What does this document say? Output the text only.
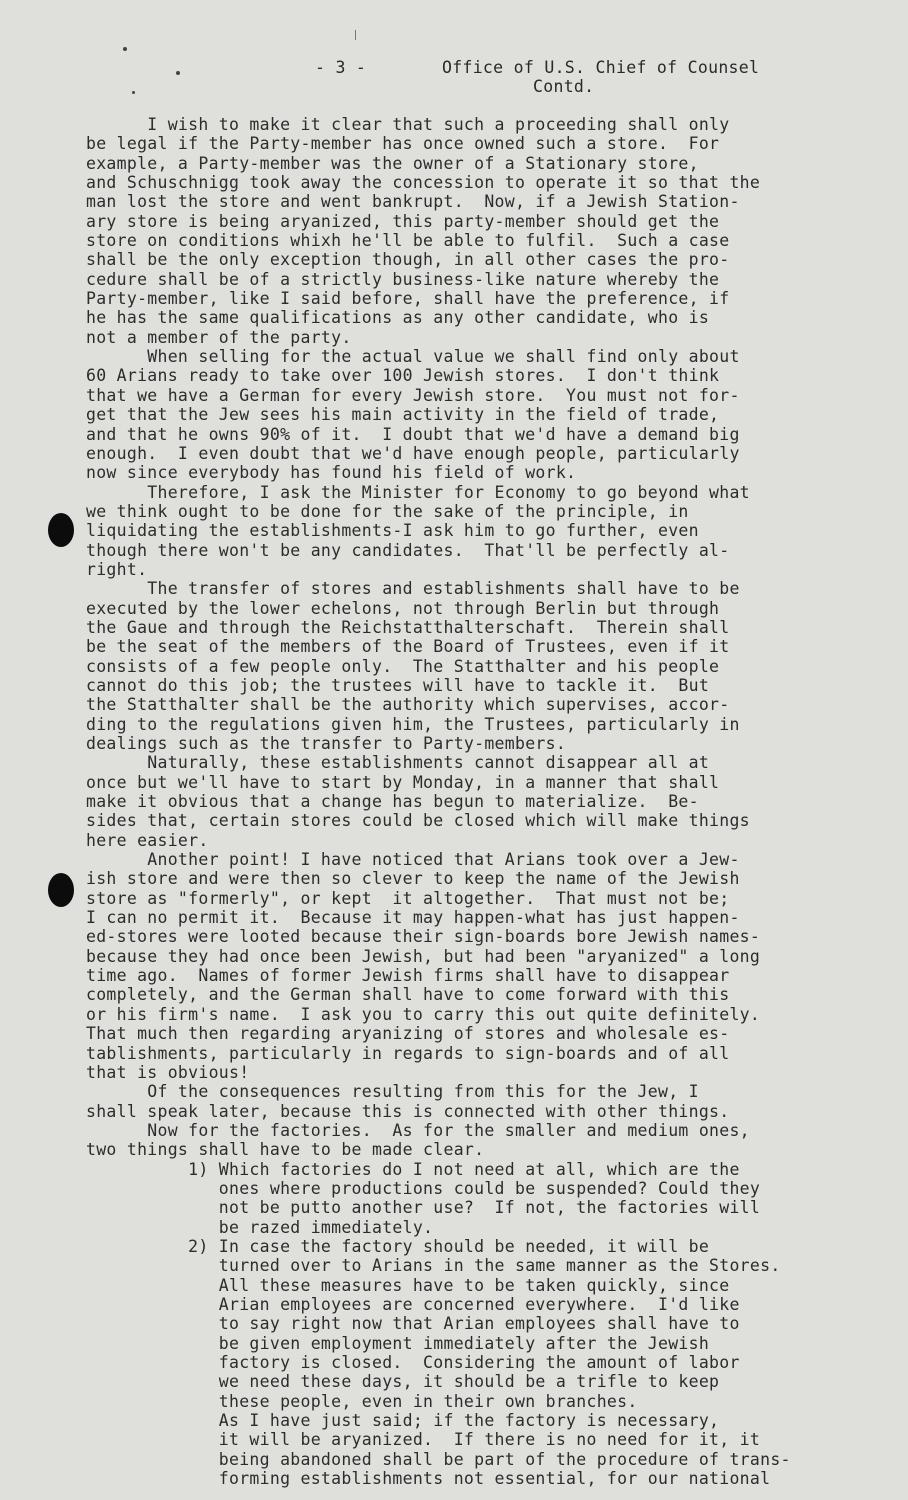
- 3 -	Office of U.S. Chief of Counsel
Contd.
I wish to make it clear that such a proceeding shall only
be legal if the Party-member has once owned such a store.  For
example, a Party-member was the owner of a Stationary store,
and Schuschnigg took away the concession to operate it so that the
man lost the store and went bankrupt.  Now, if a Jewish Station-
ary store is being aryanized, this party-member should get the
store on conditions whixh he'll be able to fulfil.  Such a case
shall be the only exception though, in all other cases the pro-
cedure shall be of a strictly business-like nature whereby the
Party-member, like I said before, shall have the preference, if
he has the same qualifications as any other candidate, who is
not a member of the party.
When selling for the actual value we shall find only about
60 Arians ready to take over 100 Jewish stores.  I don't think
that we have a German for every Jewish store.  You must not for-
get that the Jew sees his main activity in the field of trade,
and that he owns 90% of it.  I doubt that we'd have a demand big
enough.  I even doubt that we'd have enough people, particularly
now since everybody has found his field of work.
Therefore, I ask the Minister for Economy to go beyond what
we think ought to be done for the sake of the principle, in
liquidating the establishments-I ask him to go further, even
though there won't be any candidates.  That'll be perfectly al-
right.
The transfer of stores and establishments shall have to be
executed by the lower echelons, not through Berlin but through
the Gaue and through the Reichstatthalterschaft.  Therein shall
be the seat of the members of the Board of Trustees, even if it
consists of a few people only.  The Statthalter and his people
cannot do this job; the trustees will have to tackle it.  But
the Statthalter shall be the authority which supervises, accor-
ding to the regulations given him, the Trustees, particularly in
dealings such as the transfer to Party-members.
Naturally, these establishments cannot disappear all at
once but we'll have to start by Monday, in a manner that shall
make it obvious that a change has begun to materialize.  Be-
sides that, certain stores could be closed which will make things
here easier.
Another point! I have noticed that Arians took over a Jew-
ish store and were then so clever to keep the name of the Jewish
store as "formerly", or kept  it altogether.  That must not be;
I can no permit it.  Because it may happen-what has just happen-
ed-stores were looted because their sign-boards bore Jewish names-
because they had once been Jewish, but had been "aryanized" a long
time ago.  Names of former Jewish firms shall have to disappear
completely, and the German shall have to come forward with this
or his firm's name.  I ask you to carry this out quite definitely.
That much then regarding aryanizing of stores and wholesale es-
tablishments, particularly in regards to sign-boards and of all
that is obvious!
Of the consequences resulting from this for the Jew, I
shall speak later, because this is connected with other things.
Now for the factories.  As for the smaller and medium ones,
two things shall have to be made clear.
1) Which factories do I not need at all, which are the
ones where productions could be suspended? Could they
not be putto another use?  If not, the factories will
be razed immediately.
2) In case the factory should be needed, it will be
turned over to Arians in the same manner as the Stores.
All these measures have to be taken quickly, since
Arian employees are concerned everywhere.  I'd like
to say right now that Arian employees shall have to
be given employment immediately after the Jewish
factory is closed.  Considering the amount of labor
we need these days, it should be a trifle to keep
these people, even in their own branches.
As I have just said; if the factory is necessary,
it will be aryanized.  If there is no need for it, it
being abandoned shall be part of the procedure of trans-
forming establishments not essential, for our national
